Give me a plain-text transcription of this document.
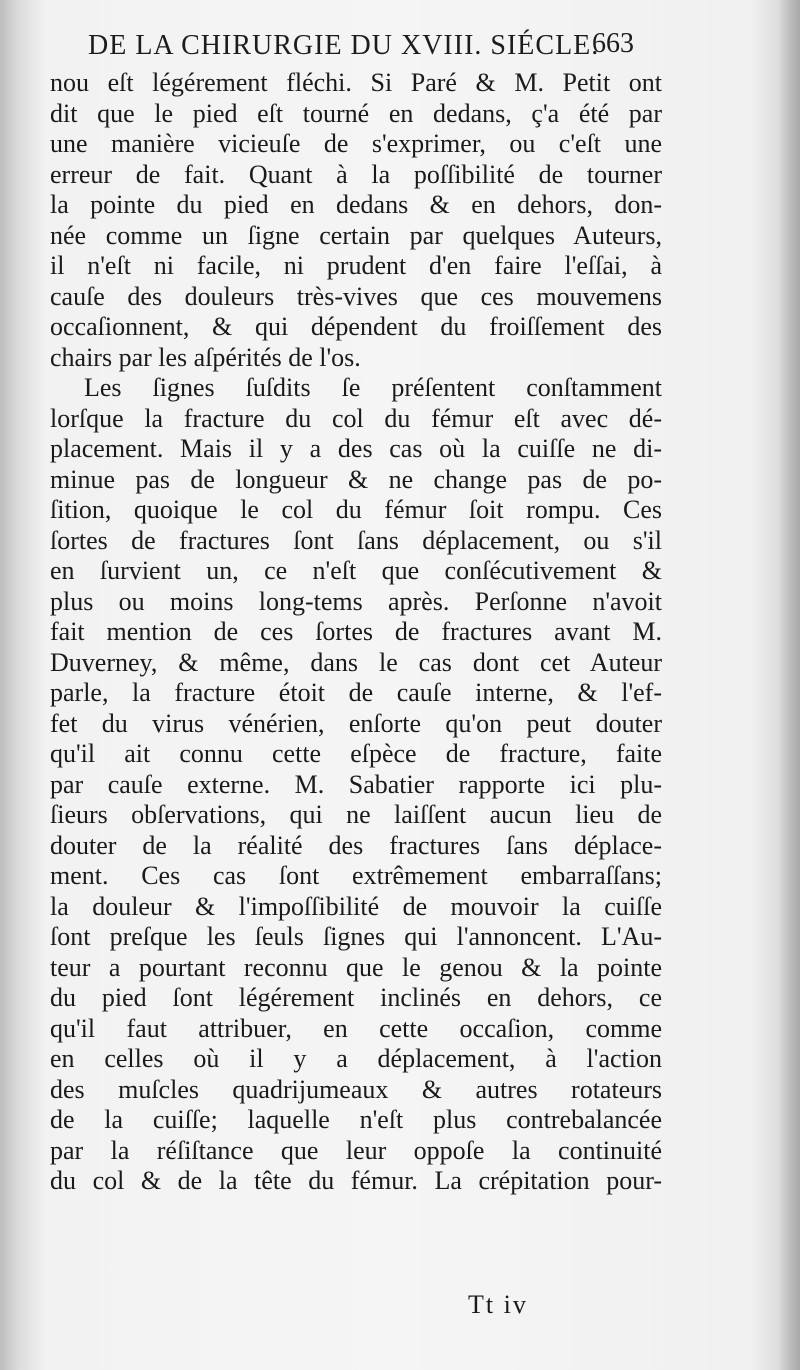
DE LA CHIRURGIE DU XVIII. SIÉCLE.
663
nou eſt légérement fléchi. Si Paré & M. Petit ont
dit que le pied eſt tourné en dedans, ç'a été par
une manière vicieuſe de s'exprimer, ou c'eſt une
erreur de fait. Quant à la poſſibilité de tourner
la pointe du pied en dedans & en dehors, don-
née comme un ſigne certain par quelques Auteurs,
il n'eſt ni facile, ni prudent d'en faire l'eſſai, à
cauſe des douleurs très-vives que ces mouvemens
occaſionnent, & qui dépendent du froiſſement des
chairs par les aſpérités de l'os.
Les ſignes ſuſdits ſe préſentent conſtamment
lorſque la fracture du col du fémur eſt avec dé-
placement. Mais il y a des cas où la cuiſſe ne di-
minue pas de longueur & ne change pas de po-
ſition, quoique le col du fémur ſoit rompu. Ces
ſortes de fractures ſont ſans déplacement, ou s'il
en ſurvient un, ce n'eſt que conſécutivement &
plus ou moins long-tems après. Perſonne n'avoit
fait mention de ces ſortes de fractures avant M.
Duverney, & même, dans le cas dont cet Auteur
parle, la fracture étoit de cauſe interne, & l'ef-
fet du virus vénérien, enſorte qu'on peut douter
qu'il ait connu cette eſpèce de fracture, faite
par cauſe externe. M. Sabatier rapporte ici plu-
ſieurs obſervations, qui ne laiſſent aucun lieu de
douter de la réalité des fractures ſans déplace-
ment. Ces cas ſont extrêmement embarraſſans;
la douleur & l'impoſſibilité de mouvoir la cuiſſe
ſont preſque les ſeuls ſignes qui l'annoncent. L'Au-
teur a pourtant reconnu que le genou & la pointe
du pied ſont légérement inclinés en dehors, ce
qu'il faut attribuer, en cette occaſion, comme
en celles où il y a déplacement, à l'action
des muſcles quadrijumeaux & autres rotateurs
de la cuiſſe; laquelle n'eſt plus contrebalancée
par la réſiſtance que leur oppoſe la continuité
du col & de la tête du fémur. La crépitation pour-
Tt iv
